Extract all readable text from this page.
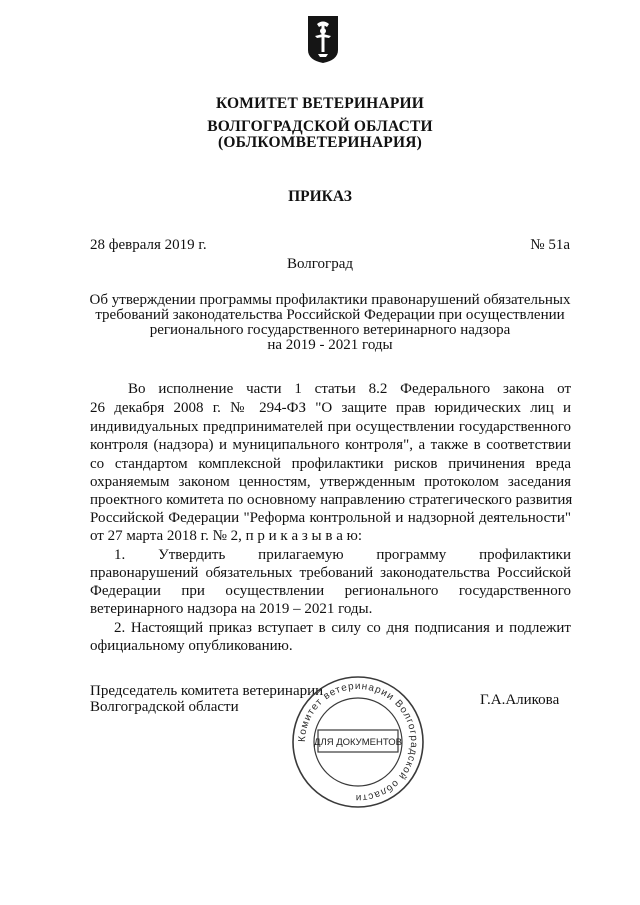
КОМИТЕТ ВЕТЕРИНАРИИ
ВОЛГОГРАДСКОЙ ОБЛАСТИ
(ОБЛКОМВЕТЕРИНАРИЯ)
ПРИКАЗ
28 февраля 2019 г.	№ 51а
Волгоград
Об утверждении программы профилактики правонарушений обязательных
требований законодательства Российской Федерации при осуществлении
регионального государственного ветеринарного надзора
на 2019 - 2021 годы
Во исполнение части 1 статьи 8.2 Федерального закона от
26 декабря 2008 г. № 294-ФЗ "О защите прав юридических лиц и
индивидуальных предпринимателей при осуществлении государственного
контроля (надзора) и муниципального контроля", а также в соответствии
со стандартом комплексной профилактики рисков причинения вреда
охраняемым законом ценностям, утвержденным протоколом заседания
проектного комитета по основному направлению стратегического развития
Российской Федерации "Реформа контрольной и надзорной деятельности"
от 27 марта 2018 г. № 2, п р и к а з ы в а ю:
1. Утвердить прилагаемую программу профилактики
правонарушений обязательных требований законодательства Российской
Федерации при осуществлении регионального государственного
ветеринарного надзора на 2019 – 2021 годы.
2. Настоящий приказ вступает в силу со дня подписания и подлежит
официальному опубликованию.
Председатель комитета ветеринарии
Волгоградской области	Г.А.Аликова
Комитет ветеринарии Волгоградской области
ДЛЯ ДОКУМЕНТОВ
